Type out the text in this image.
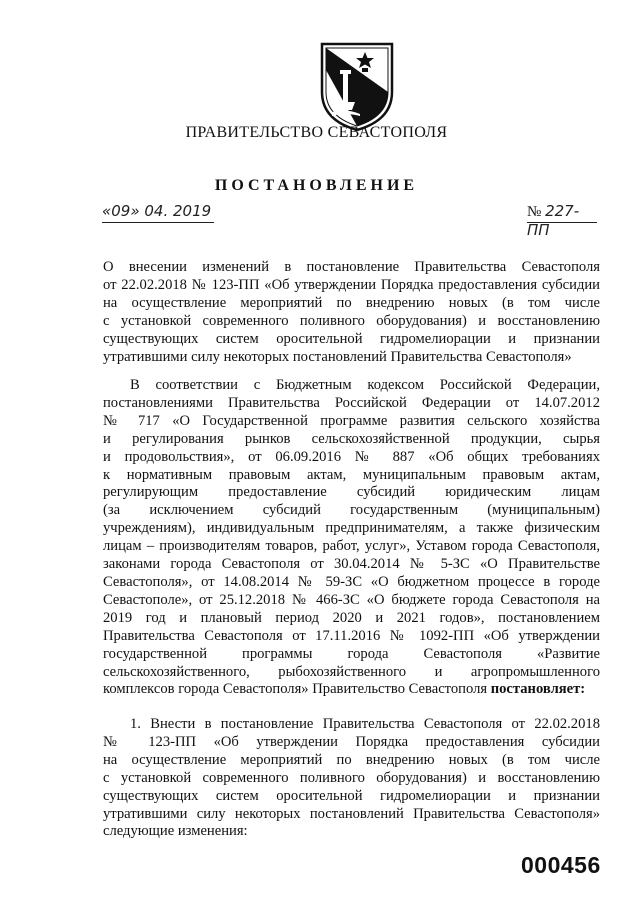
ПРАВИТЕЛЬСТВО СЕВАСТОПОЛЯ
ПОСТАНОВЛЕНИЕ
«09» 04. 2019	№ 227-ПП
О внесении изменений в постановление Правительства Севастополя
от 22.02.2018 № 123-ПП «Об утверждении Порядка предоставления субсидии
на осуществление мероприятий по внедрению новых (в том числе
с установкой современного поливного оборудования) и восстановлению
существующих систем оросительной гидромелиорации и признании
утратившими силу некоторых постановлений Правительства Севастополя»
В соответствии с Бюджетным кодексом Российской Федерации,
постановлениями Правительства Российской Федерации от 14.07.2012
№ 717 «О Государственной программе развития сельского хозяйства
и регулирования рынков сельскохозяйственной продукции, сырья
и продовольствия», от 06.09.2016 № 887 «Об общих требованиях
к нормативным правовым актам, муниципальным правовым актам,
регулирующим предоставление субсидий юридическим лицам
(за исключением субсидий государственным (муниципальным)
учреждениям), индивидуальным предпринимателям, а также физическим
лицам – производителям товаров, работ, услуг», Уставом города Севастополя,
законами города Севастополя от 30.04.2014 № 5-ЗС «О Правительстве
Севастополя», от 14.08.2014 № 59-ЗС «О бюджетном процессе в городе
Севастополе», от 25.12.2018 № 466-ЗС «О бюджете города Севастополя на
2019 год и плановый период 2020 и 2021 годов», постановлением
Правительства Севастополя от 17.11.2016 № 1092-ПП «Об утверждении
государственной программы города Севастополя «Развитие
сельскохозяйственного, рыбохозяйственного и агропромышленного
комплексов города Севастополя» Правительство Севастополя постановляет:
1. Внести в постановление Правительства Севастополя от 22.02.2018
№ 123-ПП «Об утверждении Порядка предоставления субсидии
на осуществление мероприятий по внедрению новых (в том числе
с установкой современного поливного оборудования) и восстановлению
существующих систем оросительной гидромелиорации и признании
утратившими силу некоторых постановлений Правительства Севастополя»
следующие изменения:
000456
